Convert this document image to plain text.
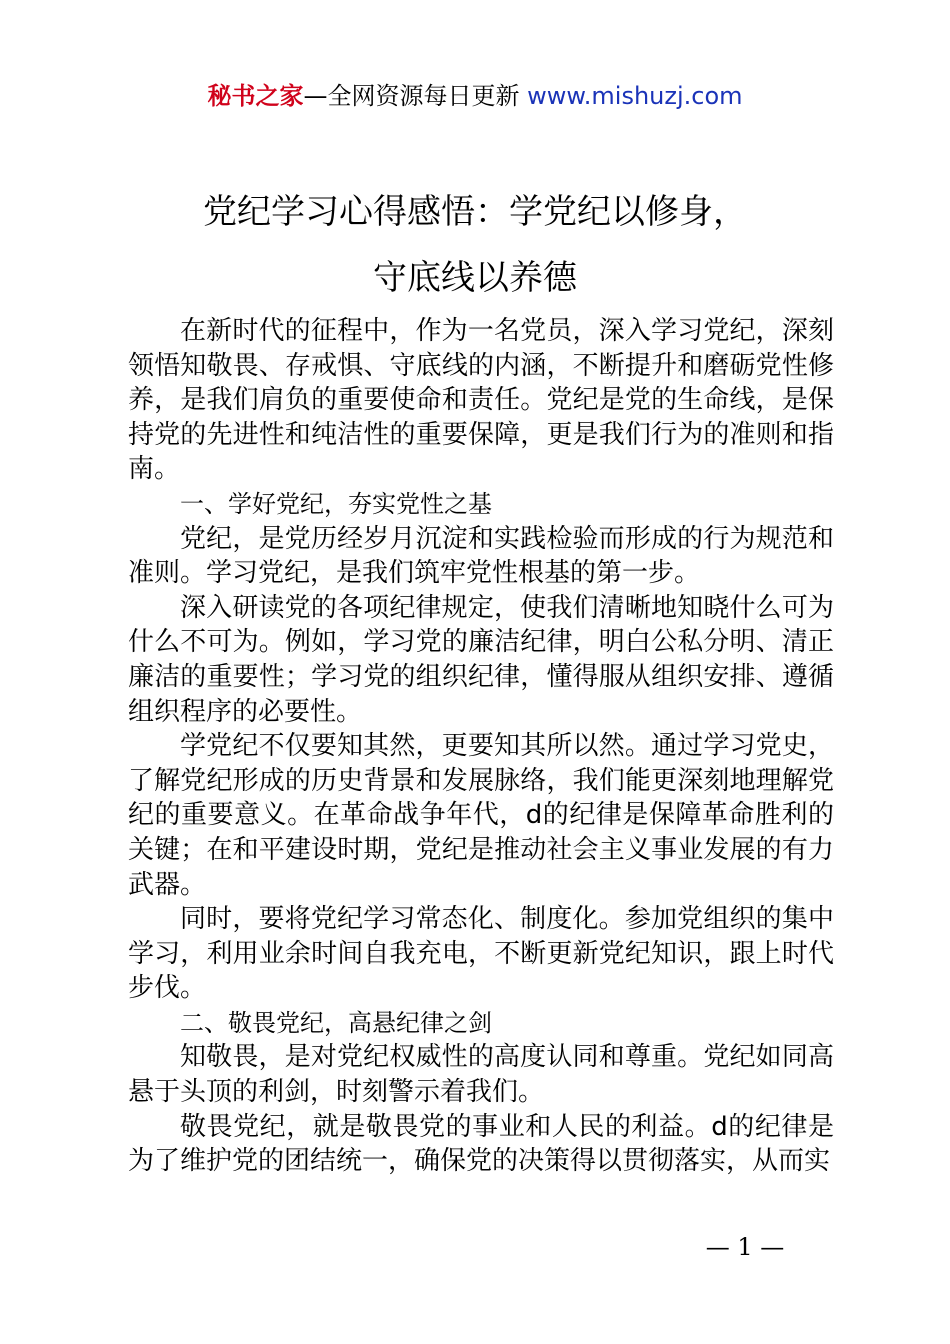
秘书之家—全网资源每日更新 www.mishuzj.com
党纪学习心得感悟：学党纪以修身，
守底线以养德

在新时代的征程中，作为一名党员，深入学习党纪，深刻领悟知敬畏、存戒惧、守底线的内涵，不断提升和磨砺党性修养，是我们肩负的重要使命和责任。党纪是党的生命线，是保持党的先进性和纯洁性的重要保障，更是我们行为的准则和指南。

一、学好党纪，夯实党性之基

党纪，是党历经岁月沉淀和实践检验而形成的行为规范和准则。学习党纪，是我们筑牢党性根基的第一步。

深入研读党的各项纪律规定，使我们清晰地知晓什么可为什么不可为。例如，学习党的廉洁纪律，明白公私分明、清正廉洁的重要性；学习党的组织纪律，懂得服从组织安排、遵循组织程序的必要性。

学党纪不仅要知其然，更要知其所以然。通过学习党史，了解党纪形成的历史背景和发展脉络，我们能更深刻地理解党纪的重要意义。在革命战争年代，d的纪律是保障革命胜利的关键；在和平建设时期，党纪是推动社会主义事业发展的有力武器。

同时，要将党纪学习常态化、制度化。参加党组织的集中学习，利用业余时间自我充电，不断更新党纪知识，跟上时代步伐。

二、敬畏党纪，高悬纪律之剑

知敬畏，是对党纪权威性的高度认同和尊重。党纪如同高悬于头顶的利剑，时刻警示着我们。

敬畏党纪，就是敬畏党的事业和人民的利益。d的纪律是为了维护党的团结统一，确保党的决策得以贯彻落实，从而实

— 1 —
